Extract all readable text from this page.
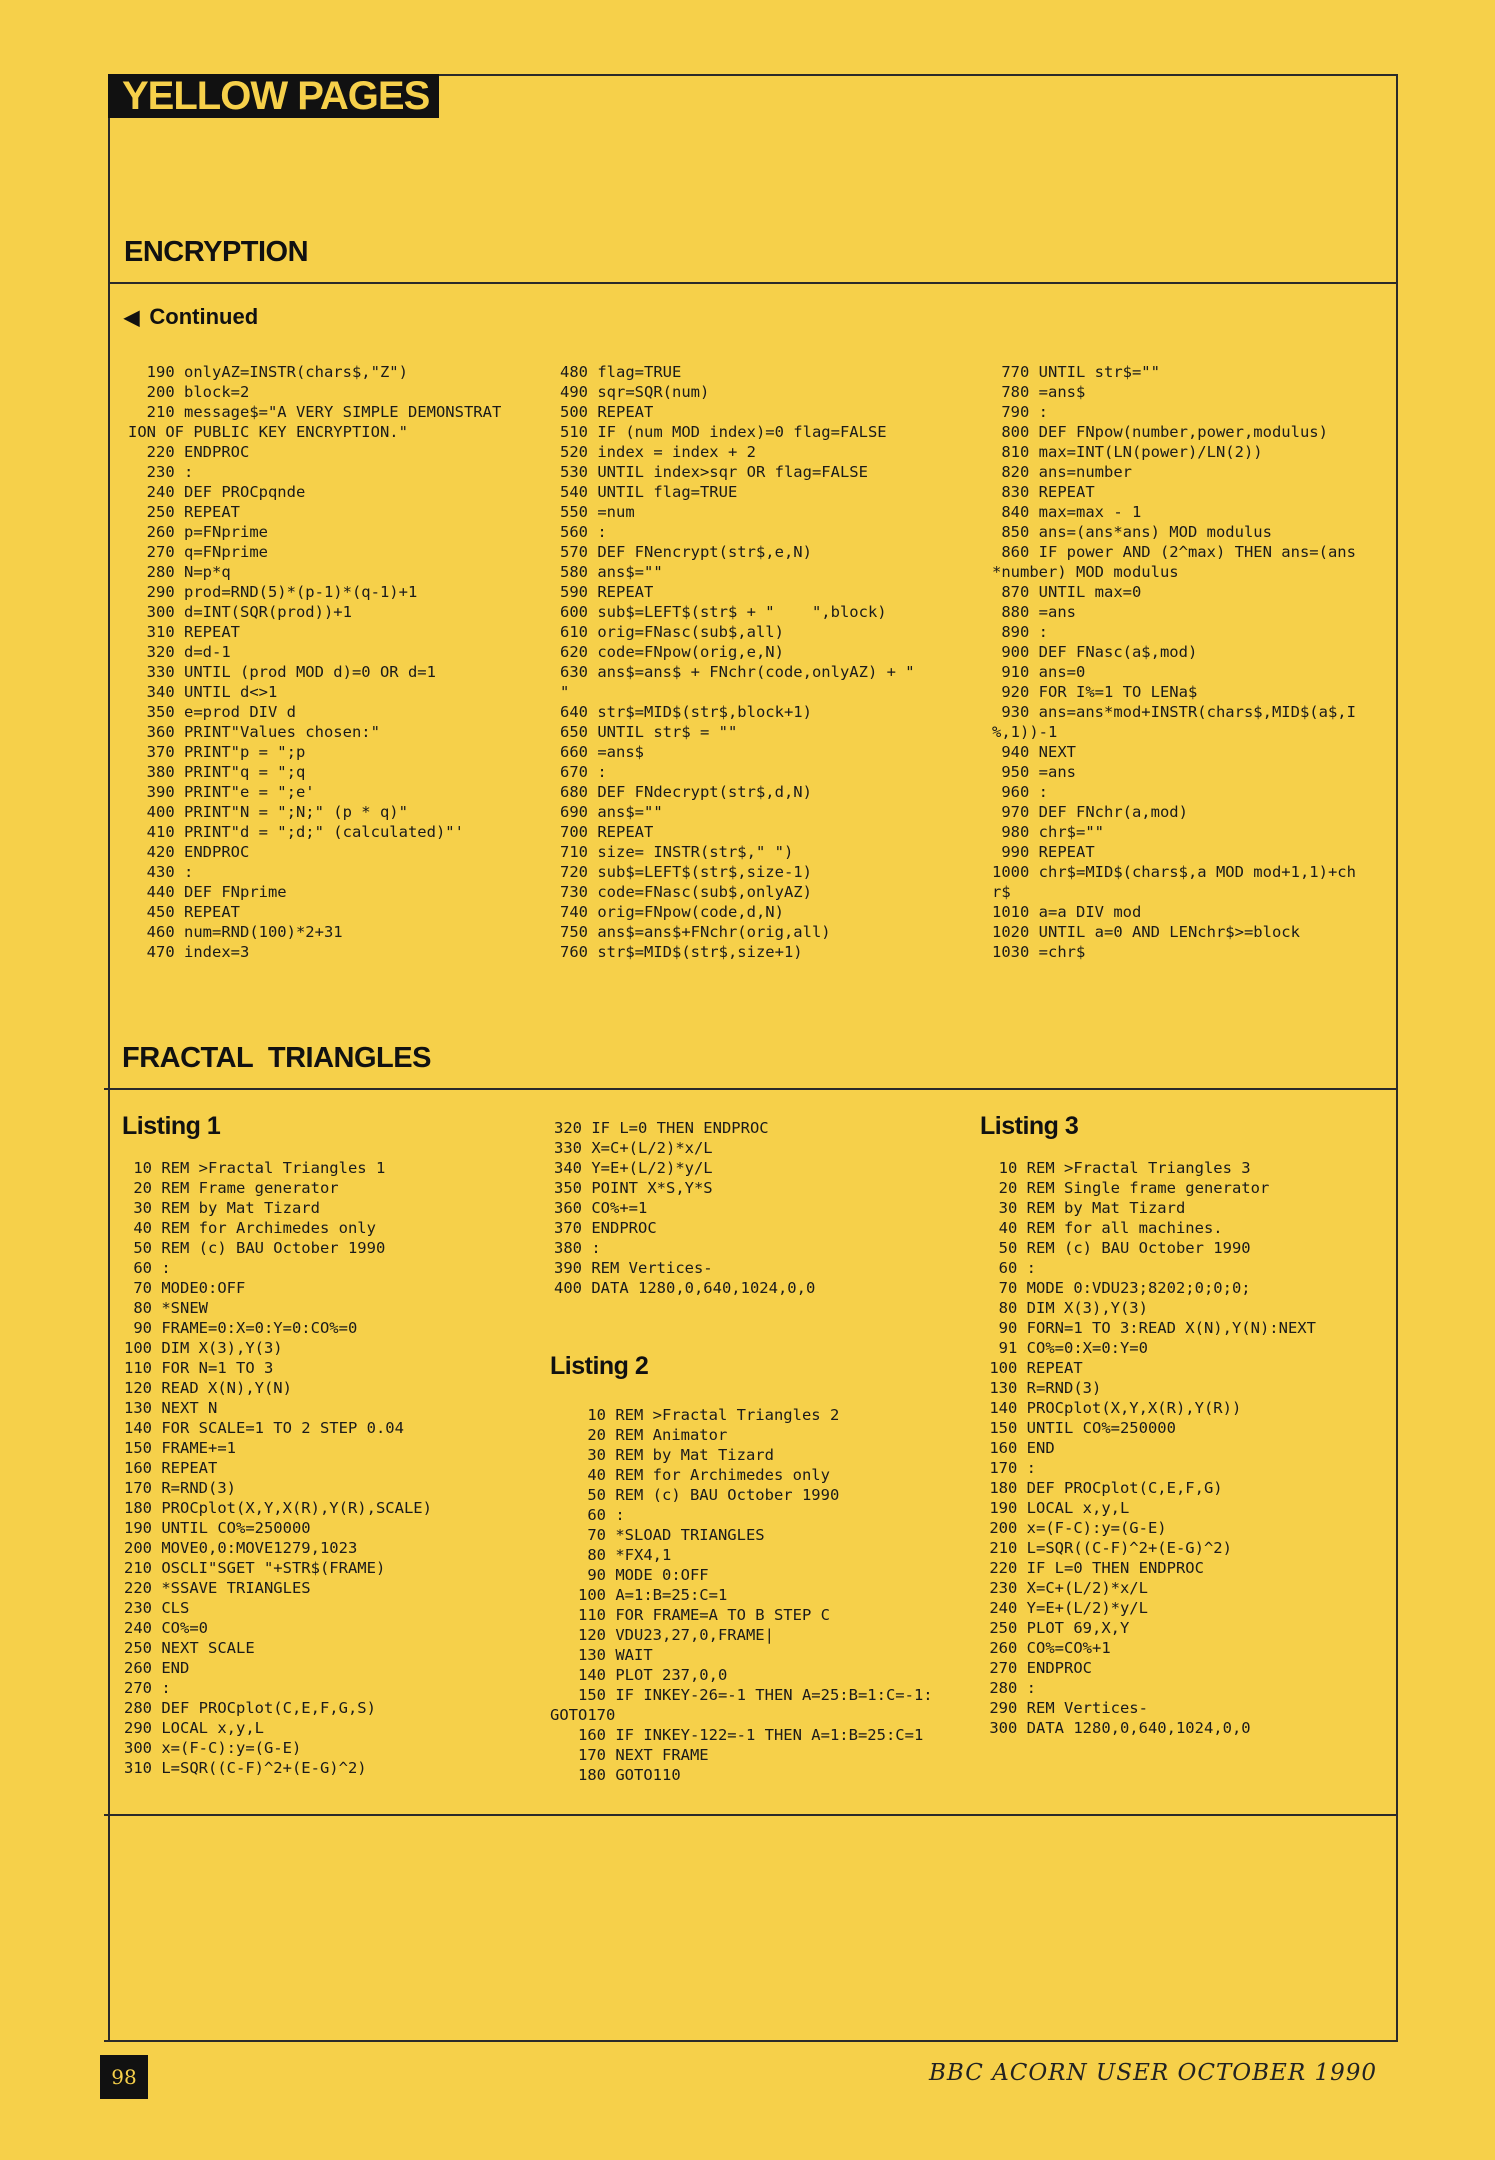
YELLOW PAGES
ENCRYPTION
◀ Continued
190 onlyAZ=INSTR(chars$,"Z")
200 block=2
210 message$="A VERY SIMPLE DEMONSTRAT
ION OF PUBLIC KEY ENCRYPTION."
220 ENDPROC
230 :
240 DEF PROCpqnde
250 REPEAT
260 p=FNprime
270 q=FNprime
280 N=p*q
290 prod=RND(5)*(p-1)*(q-1)+1
300 d=INT(SQR(prod))+1
310 REPEAT
320 d=d-1
330 UNTIL (prod MOD d)=0 OR d=1
340 UNTIL d<>1
350 e=prod DIV d
360 PRINT"Values chosen:"
370 PRINT"p = ";p
380 PRINT"q = ";q
390 PRINT"e = ";e'
400 PRINT"N = ";N;" (p * q)"
410 PRINT"d = ";d;" (calculated)"'
420 ENDPROC
430 :
440 DEF FNprime
450 REPEAT
460 num=RND(100)*2+31
470 index=3
480 flag=TRUE
490 sqr=SQR(num)
500 REPEAT
510 IF (num MOD index)=0 flag=FALSE
520 index = index + 2
530 UNTIL index>sqr OR flag=FALSE
540 UNTIL flag=TRUE
550 =num
560 :
570 DEF FNencrypt(str$,e,N)
580 ans$=""
590 REPEAT
600 sub$=LEFT$(str$ + "    ",block)
610 orig=FNasc(sub$,all)
620 code=FNpow(orig,e,N)
630 ans$=ans$ + FNchr(code,onlyAZ) + "
"
640 str$=MID$(str$,block+1)
650 UNTIL str$ = ""
660 =ans$
670 :
680 DEF FNdecrypt(str$,d,N)
690 ans$=""
700 REPEAT
710 size= INSTR(str$," ")
720 sub$=LEFT$(str$,size-1)
730 code=FNasc(sub$,onlyAZ)
740 orig=FNpow(code,d,N)
750 ans$=ans$+FNchr(orig,all)
760 str$=MID$(str$,size+1)
770 UNTIL str$=""
780 =ans$
790 :
800 DEF FNpow(number,power,modulus)
810 max=INT(LN(power)/LN(2))
820 ans=number
830 REPEAT
840 max=max - 1
850 ans=(ans*ans) MOD modulus
860 IF power AND (2^max) THEN ans=(ans
*number) MOD modulus
870 UNTIL max=0
880 =ans
890 :
900 DEF FNasc(a$,mod)
910 ans=0
920 FOR I%=1 TO LENa$
930 ans=ans*mod+INSTR(chars$,MID$(a$,I
%,1))-1
940 NEXT
950 =ans
960 :
970 DEF FNchr(a,mod)
980 chr$=""
990 REPEAT
1000 chr$=MID$(chars$,a MOD mod+1,1)+ch
r$
1010 a=a DIV mod
1020 UNTIL a=0 AND LENchr$>=block
1030 =chr$
FRACTAL  TRIANGLES
Listing 1
10 REM >Fractal Triangles 1
20 REM Frame generator
30 REM by Mat Tizard
40 REM for Archimedes only
50 REM (c) BAU October 1990
60 :
70 MODE0:OFF
80 *SNEW
90 FRAME=0:X=0:Y=0:CO%=0
100 DIM X(3),Y(3)
110 FOR N=1 TO 3
120 READ X(N),Y(N)
130 NEXT N
140 FOR SCALE=1 TO 2 STEP 0.04
150 FRAME+=1
160 REPEAT
170 R=RND(3)
180 PROCplot(X,Y,X(R),Y(R),SCALE)
190 UNTIL CO%=250000
200 MOVE0,0:MOVE1279,1023
210 OSCLI"SGET "+STR$(FRAME)
220 *SSAVE TRIANGLES
230 CLS
240 CO%=0
250 NEXT SCALE
260 END
270 :
280 DEF PROCplot(C,E,F,G,S)
290 LOCAL x,y,L
300 x=(F-C):y=(G-E)
310 L=SQR((C-F)^2+(E-G)^2)
320 IF L=0 THEN ENDPROC
330 X=C+(L/2)*x/L
340 Y=E+(L/2)*y/L
350 POINT X*S,Y*S
360 CO%+=1
370 ENDPROC
380 :
390 REM Vertices-
400 DATA 1280,0,640,1024,0,0
Listing 2
10 REM >Fractal Triangles 2
20 REM Animator
30 REM by Mat Tizard
40 REM for Archimedes only
50 REM (c) BAU October 1990
60 :
70 *SLOAD TRIANGLES
80 *FX4,1
90 MODE 0:OFF
100 A=1:B=25:C=1
110 FOR FRAME=A TO B STEP C
120 VDU23,27,0,FRAME|
130 WAIT
140 PLOT 237,0,0
150 IF INKEY-26=-1 THEN A=25:B=1:C=-1:
GOTO170
160 IF INKEY-122=-1 THEN A=1:B=25:C=1
170 NEXT FRAME
180 GOTO110
Listing 3
10 REM >Fractal Triangles 3
20 REM Single frame generator
30 REM by Mat Tizard
40 REM for all machines.
50 REM (c) BAU October 1990
60 :
70 MODE 0:VDU23;8202;0;0;0;
80 DIM X(3),Y(3)
90 FORN=1 TO 3:READ X(N),Y(N):NEXT
91 CO%=0:X=0:Y=0
100 REPEAT
130 R=RND(3)
140 PROCplot(X,Y,X(R),Y(R))
150 UNTIL CO%=250000
160 END
170 :
180 DEF PROCplot(C,E,F,G)
190 LOCAL x,y,L
200 x=(F-C):y=(G-E)
210 L=SQR((C-F)^2+(E-G)^2)
220 IF L=0 THEN ENDPROC
230 X=C+(L/2)*x/L
240 Y=E+(L/2)*y/L
250 PLOT 69,X,Y
260 CO%=CO%+1
270 ENDPROC
280 :
290 REM Vertices-
300 DATA 1280,0,640,1024,0,0
98	BBC ACORN USER OCTOBER 1990
